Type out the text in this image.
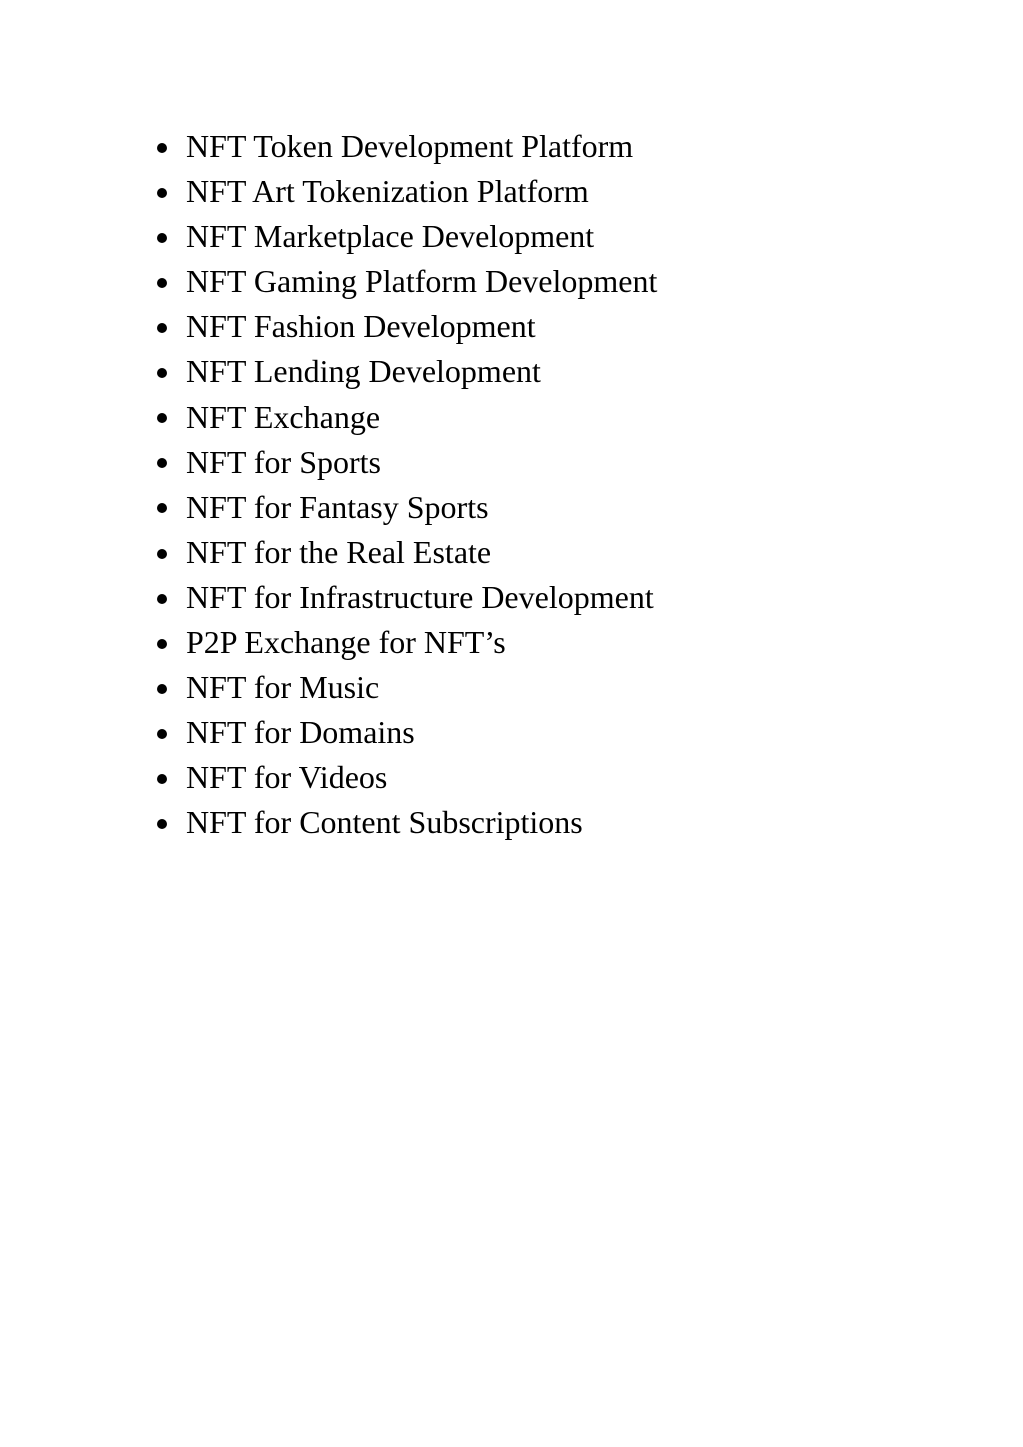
NFT Token Development Platform
NFT Art Tokenization Platform
NFT Marketplace Development
NFT Gaming Platform Development
NFT Fashion Development
NFT Lending Development
NFT Exchange
NFT for Sports
NFT for Fantasy Sports
NFT for the Real Estate
NFT for Infrastructure Development
P2P Exchange for NFT’s
NFT for Music
NFT for Domains
NFT for Videos
NFT for Content Subscriptions
